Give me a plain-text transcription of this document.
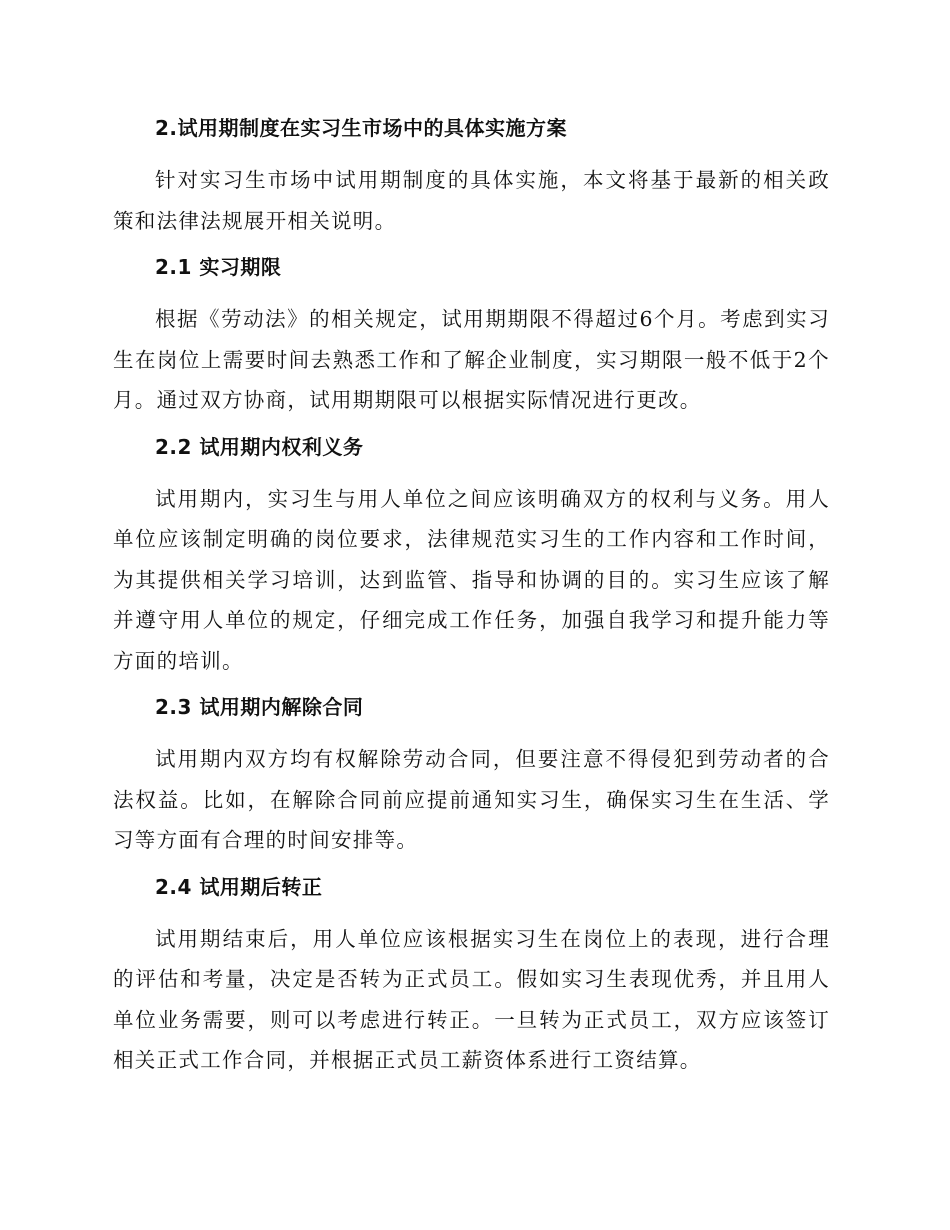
2.试用期制度在实习生市场中的具体实施方案

针对实习生市场中试用期制度的具体实施，本文将基于最新的相关政策和法律法规展开相关说明。

2.1 实习期限

根据《劳动法》的相关规定，试用期期限不得超过6个月。考虑到实习生在岗位上需要时间去熟悉工作和了解企业制度，实习期限一般不低于2个月。通过双方协商，试用期期限可以根据实际情况进行更改。

2.2 试用期内权利义务

试用期内，实习生与用人单位之间应该明确双方的权利与义务。用人单位应该制定明确的岗位要求，法律规范实习生的工作内容和工作时间，为其提供相关学习培训，达到监管、指导和协调的目的。实习生应该了解并遵守用人单位的规定，仔细完成工作任务，加强自我学习和提升能力等方面的培训。

2.3 试用期内解除合同

试用期内双方均有权解除劳动合同，但要注意不得侵犯到劳动者的合法权益。比如，在解除合同前应提前通知实习生，确保实习生在生活、学习等方面有合理的时间安排等。

2.4 试用期后转正

试用期结束后，用人单位应该根据实习生在岗位上的表现，进行合理的评估和考量，决定是否转为正式员工。假如实习生表现优秀，并且用人单位业务需要，则可以考虑进行转正。一旦转为正式员工，双方应该签订相关正式工作合同，并根据正式员工薪资体系进行工资结算。
